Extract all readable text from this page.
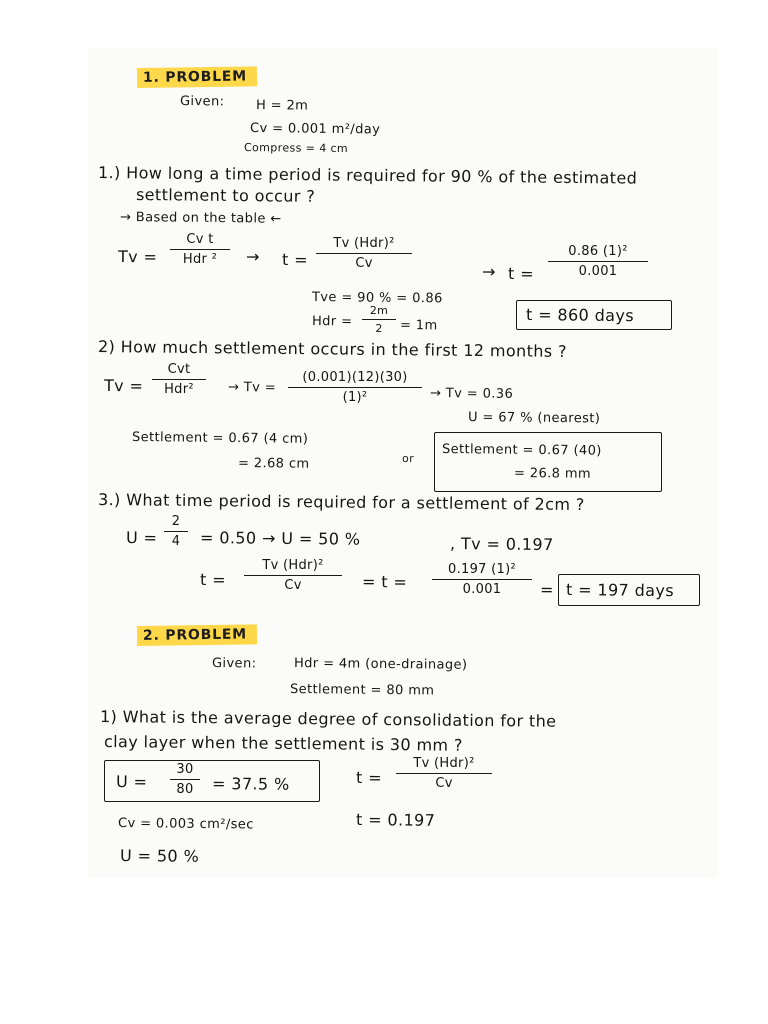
1. PROBLEM
Given: H = 2m
Cv = 0.001 m²/day
Compress = 4 cm
1.) How long a time period is required for 90 % of the estimated
settlement to occur ?
→ Based on the table ←
Tv =
Cv t
Hdr ²	→ t =
Tv (Hdr)²
Cv	→ t =
0.86 (1)²
0.001
Tve = 90 % = 0.86
Hdr =
2m
2	= 1m
t = 860 days
2) How much settlement occurs in the first 12 months ?
Tv =
Cvt
Hdr²	→ Tv =
(0.001)(12)(30)
(1)²	→ Tv = 0.36
U = 67 % (nearest)
Settlement = 0.67 (4 cm)
= 2.68 cm	or Settlement = 0.67 (40)
= 26.8 mm
3.) What time period is required for a settlement of 2cm ?
U =
2
4	= 0.50 → U = 50 %	, Tv = 0.197
t =
Tv (Hdr)²
Cv	= t =
0.197 (1)²
0.001	= t = 197 days
2. PROBLEM
Given:	Hdr = 4m (one-drainage)
Settlement = 80 mm
1) What is the average degree of consolidation for the
clay layer when the settlement is 30 mm ?
U =
30
80	= 37.5 %	t =
Tv (Hdr)²
Cv
Cv = 0.003 cm²/sec	t = 0.197
U = 50 %
